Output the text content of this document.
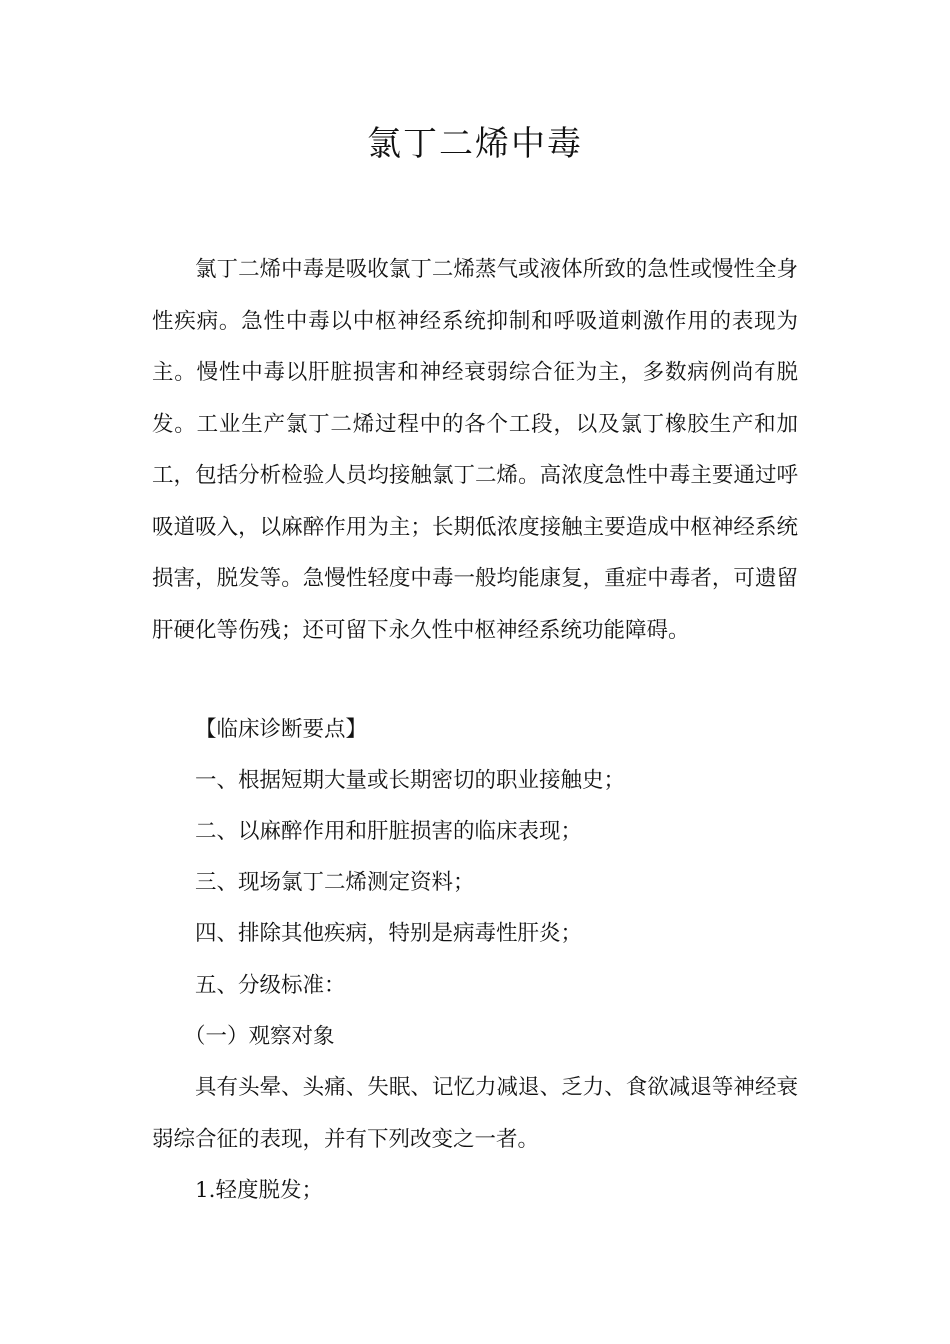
氯丁二烯中毒

氯丁二烯中毒是吸收氯丁二烯蒸气或液体所致的急性或慢性全身性疾病。急性中毒以中枢神经系统抑制和呼吸道刺激作用的表现为主。慢性中毒以肝脏损害和神经衰弱综合征为主，多数病例尚有脱发。工业生产氯丁二烯过程中的各个工段，以及氯丁橡胶生产和加工，包括分析检验人员均接触氯丁二烯。高浓度急性中毒主要通过呼吸道吸入，以麻醉作用为主；长期低浓度接触主要造成中枢神经系统损害，脱发等。急慢性轻度中毒一般均能康复，重症中毒者，可遗留肝硬化等伤残；还可留下永久性中枢神经系统功能障碍。

【临床诊断要点】

一、根据短期大量或长期密切的职业接触史；

二、以麻醉作用和肝脏损害的临床表现；

三、现场氯丁二烯测定资料；

四、排除其他疾病，特别是病毒性肝炎；

五、分级标准：

（一）观察对象

具有头晕、头痛、失眠、记忆力减退、乏力、食欲减退等神经衰弱综合征的表现，并有下列改变之一者。

1.轻度脱发；
